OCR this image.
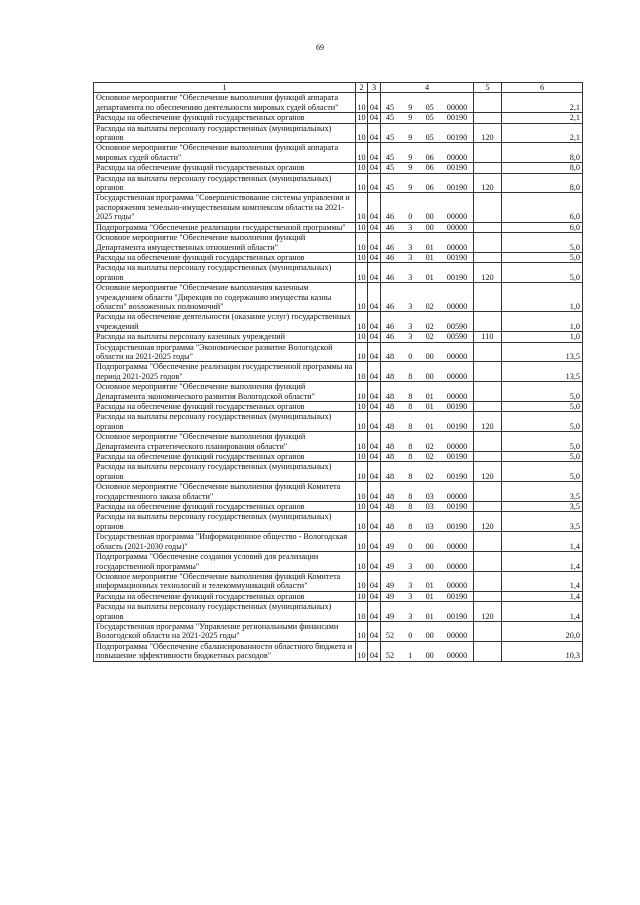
69
1	2	3	4	5	6
Основное мероприятие "Обеспечение выполнения функций аппарата департамента по обеспечению деятельности мировых судей области"	10	04	45 9 05 00000		2,1
Расходы на обеспечение функций государственных органов	10	04	45 9 05 00190		2,1
Расходы на выплаты персоналу государственных (муниципальных) органов	10	04	45 9 05 00190	120	2,1
Основное мероприятие "Обеспечение выполнения функций аппарата мировых судей области"	10	04	45 9 06 00000		8,0
Расходы на обеспечение функций государственных органов	10	04	45 9 06 00190		8,0
Расходы на выплаты персоналу государственных (муниципальных) органов	10	04	45 9 06 00190	120	8,0
Государственная программа "Совершенствование системы управления и распоряжения земельно-имущественным комплексом области на 2021-2025 годы"	10	04	46 0 00 00000		6,0
Подпрограмма "Обеспечение реализации государственной программы"	10	04	46 3 00 00000		6,0
Основное мероприятие "Обеспечение выполнения функций Департамента имущественных отношений области"	10	04	46 3 01 00000		5,0
Расходы на обеспечение функций государственных органов	10	04	46 3 01 00190		5,0
Расходы на выплаты персоналу государственных (муниципальных) органов	10	04	46 3 01 00190	120	5,0
Основное мероприятие "Обеспечение выполнения казенным учреждением области "Дирекция по содержанию имущества казны области" возложенных полномочий"	10	04	46 3 02 00000		1,0
Расходы на обеспечение деятельности (оказание услуг) государственных учреждений	10	04	46 3 02 00590		1,0
Расходы на выплаты персоналу казенных учреждений	10	04	46 3 02 00590	110	1,0
Государственная программа "Экономическое развитие Вологодской области на 2021-2025 годы"	10	04	48 0 00 00000		13,5
Подпрограмма "Обеспечение реализации государственной программы на период 2021-2025 годов"	10	04	48 8 00 00000		13,5
Основное мероприятие "Обеспечение выполнения функций Департамента экономического развития Вологодской области"	10	04	48 8 01 00000		5,0
Расходы на обеспечение функций государственных органов	10	04	48 8 01 00190		5,0
Расходы на выплаты персоналу государственных (муниципальных) органов	10	04	48 8 01 00190	120	5,0
Основное мероприятие "Обеспечение выполнения функций Департамента стратегического планирования области"	10	04	48 8 02 00000		5,0
Расходы на обеспечение функций государственных органов	10	04	48 8 02 00190		5,0
Расходы на выплаты персоналу государственных (муниципальных) органов	10	04	48 8 02 00190	120	5,0
Основное мероприятие "Обеспечение выполнения функций Комитета государственного заказа области"	10	04	48 8 03 00000		3,5
Расходы на обеспечение функций государственных органов	10	04	48 8 03 00190		3,5
Расходы на выплаты персоналу государственных (муниципальных) органов	10	04	48 8 03 00190	120	3,5
Государственная программа "Информационное общество - Вологодская область (2021-2030 годы)"	10	04	49 0 00 00000		1,4
Подпрограмма "Обеспечение создания условий для реализации государственной программы"	10	04	49 3 00 00000		1,4
Основное мероприятие "Обеспечение выполнения функций Комитета информационных технологий и телекоммуникаций области"	10	04	49 3 01 00000		1,4
Расходы на обеспечение функций государственных органов	10	04	49 3 01 00190		1,4
Расходы на выплаты персоналу государственных (муниципальных) органов	10	04	49 3 01 00190	120	1,4
Государственная программа "Управление региональными финансами Вологодской области на 2021-2025 годы"	10	04	52 0 00 00000		20,0
Подпрограмма "Обеспечение сбалансированности областного бюджета и повышение эффективности бюджетных расходов"	10	04	52 1 00 00000		10,3
